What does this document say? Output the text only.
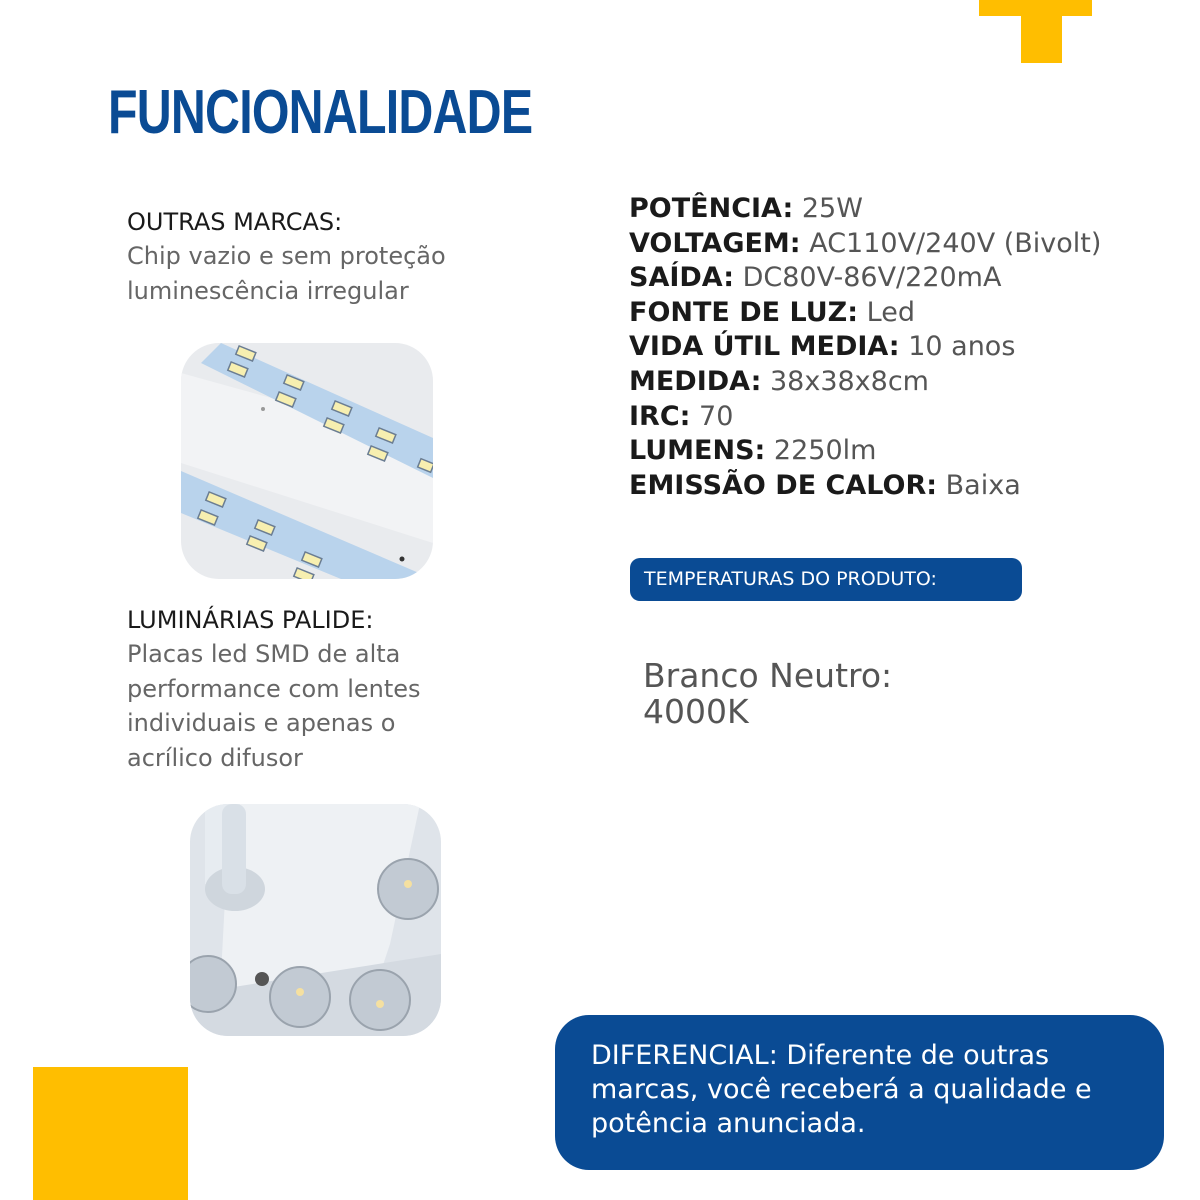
FUNCIONALIDADE
OUTRAS MARCAS:
Chip vazio e sem proteção
luminescência irregular
LUMINÁRIAS PALIDE:
Placas led SMD de alta
performance com lentes
individuais e apenas o
acrílico difusor
POTÊNCIA: 25W
VOLTAGEM: AC110V/240V (Bivolt)
SAÍDA: DC80V-86V/220mA
FONTE DE LUZ: Led
VIDA ÚTIL MEDIA: 10 anos
MEDIDA: 38x38x8cm
IRC: 70
LUMENS: 2250lm
EMISSÃO DE CALOR: Baixa
TEMPERATURAS DO PRODUTO:
Branco Neutro:
4000K
DIFERENCIAL: Diferente de outras
marcas, você receberá a qualidade e
potência anunciada.
